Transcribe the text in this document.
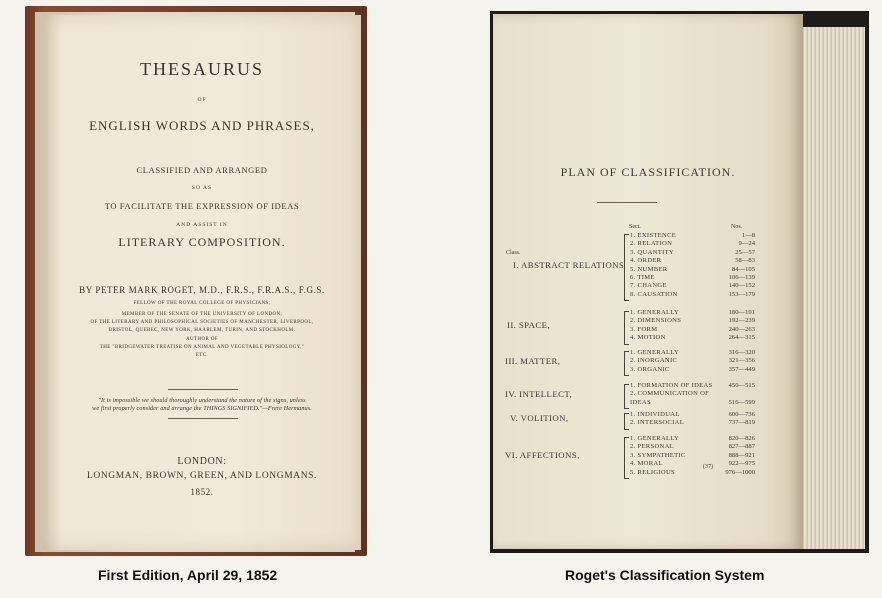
THESAURUS
OF
ENGLISH WORDS AND PHRASES,
CLASSIFIED AND ARRANGED
SO AS
TO FACILITATE THE EXPRESSION OF IDEAS
AND ASSIST IN
LITERARY COMPOSITION.
BY PETER MARK ROGET, M.D., F.R.S., F.R.A.S., F.G.S.
FELLOW OF THE ROYAL COLLEGE OF PHYSICIANS;
MEMBER OF THE SENATE OF THE UNIVERSITY OF LONDON;
OF THE LITERARY AND PHILOSOPHICAL SOCIETIES OF MANCHESTER, LIVERPOOL,
BRISTOL, QUEBEC, NEW YORK, HAARLEM, TURIN, AND STOCKHOLM.
AUTHOR OF
THE "BRIDGEWATER TREATISE ON ANIMAL AND VEGETABLE PHYSIOLOGY,"
ETC.
"It is impossible we should thoroughly understand the nature of the signs, unless
we first properly consider and arrange the THINGS SIGNIFIED."—Frere Hermanus.
LONDON:
LONGMAN, BROWN, GREEN, AND LONGMANS.
1852.
PLAN OF CLASSIFICATION.
Sect.	Nos.
Class.
(37)
I. ABSTRACT RELATIONS
1. EXISTENCE	1—8
2. RELATION	9—24
3. QUANTITY	25—57
4. ORDER	58—83
5. NUMBER	84—105
6. TIME	106—139
7. CHANGE	140—152
8. CAUSATION	153—179
II. SPACE,
1. GENERALLY	180—191
2. DIMENSIONS	192—239
3. FORM	240—263
4. MOTION	264—315
III. MATTER,
1. GENERALLY	316—320
2. INORGANIC	321—356
3. ORGANIC	357—449
IV. INTELLECT,
1. FORMATION OF IDEAS	450—515
2. COMMUNICATION OF
IDEAS	516—599
V. VOLITION,	1. INDIVIDUAL	600—736
2. INTERSOCIAL	737—819
VI. AFFECTIONS,
1. GENERALLY	820—826
2. PERSONAL	827—887
3. SYMPATHETIC	888—921
4. MORAL	922—975
5. RELIGIOUS	976—1000
First Edition, April 29, 1852	Roget's Classification System
